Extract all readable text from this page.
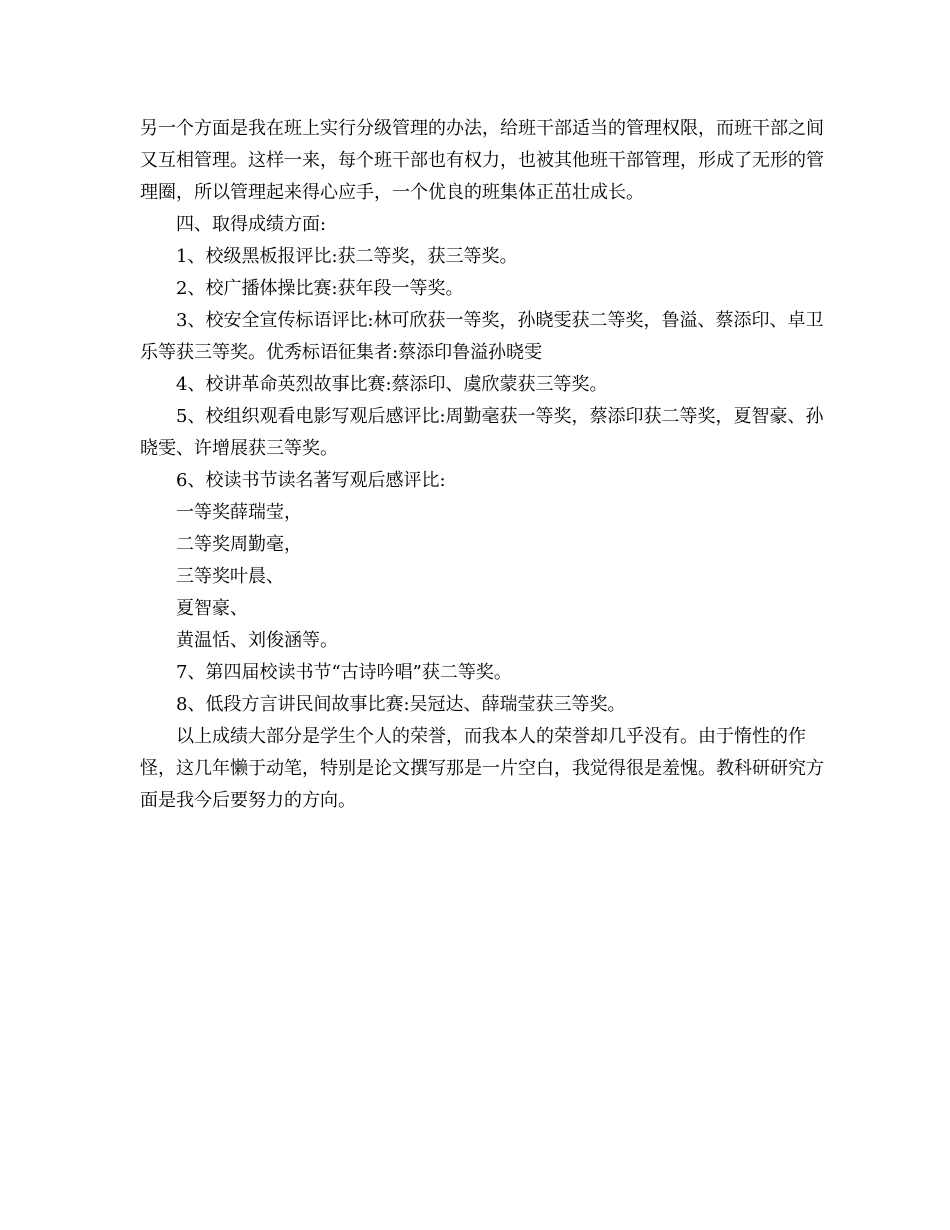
另一个方面是我在班上实行分级管理的办法，给班干部适当的管理权限，而班干部之间又互相管理。这样一来，每个班干部也有权力，也被其他班干部管理，形成了无形的管理圈，所以管理起来得心应手，一个优良的班集体正茁壮成长。

四、取得成绩方面:

1、校级黑板报评比:获二等奖，获三等奖。

2、校广播体操比赛:获年段一等奖。

3、校安全宣传标语评比:林可欣获一等奖，孙晓雯获二等奖，鲁溢、蔡添印、卓卫乐等获三等奖。优秀标语征集者:蔡添印鲁溢孙晓雯

4、校讲革命英烈故事比赛:蔡添印、虞欣蒙获三等奖。

5、校组织观看电影写观后感评比:周勤毫获一等奖，蔡添印获二等奖，夏智豪、孙晓雯、许增展获三等奖。

6、校读书节读名著写观后感评比:

一等奖薛瑞莹，

二等奖周勤毫，

三等奖叶晨、

夏智豪、

黄温恬、刘俊涵等。

7、第四届校读书节“古诗吟唱”获二等奖。

8、低段方言讲民间故事比赛:吴冠达、薛瑞莹获三等奖。

以上成绩大部分是学生个人的荣誉，而我本人的荣誉却几乎没有。由于惰性的作怪，这几年懒于动笔，特别是论文撰写那是一片空白，我觉得很是羞愧。教科研研究方面是我今后要努力的方向。
